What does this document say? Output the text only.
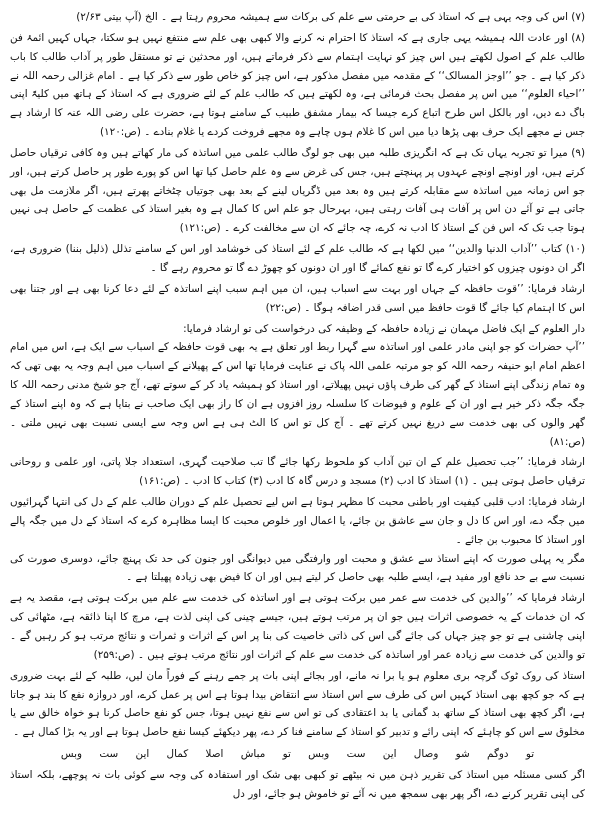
(۷) اس کی وجہ یہی ہے کہ استاذ کی بے حرمتی سے علم کی برکات سے ہمیشہ محروم رہتا ہے ۔ الخ (آپ بیتی ۲/۶۳)

(۸) اور عادت اللہ ہمیشہ یہی جاری ہے کہ استاذ کا احترام نہ کرنے والا کبھی بھی علم سے منتفع نہیں ہو سکتا، جہاں کہیں ائمۂ فن طالب علم کے اصول لکھتے ہیں اس چیز کو نہایت اہتمام سے ذکر فرماتے ہیں، اور محدثین نے تو مستقل طور پر آداب طالب کا باب ذکر کیا ہے ۔ جو ’’اوجز المسالک‘‘ کے مقدمہ میں مفصل مذکور ہے، اس چیز کو خاص طور سے ذکر کیا ہے ۔ امام غزالی رحمہ اللہ نے ’’احیاء العلوم‘‘ میں اس پر مفصل بحث فرمائی ہے، وہ لکھتے ہیں کہ طالب علم کے لئے ضروری ہے کہ استاذ کے ہاتھ میں کلیۃً اپنی باگ دے دیں، اور بالکل اس طرح اتباع کرے جیسا کہ بیمار مشفق طبیب کے سامنے ہوتا ہے، حضرت علی رضی اللہ عنہ کا ارشاد ہے جس نے مجھے ایک حرف بھی پڑھا دیا میں اس کا غلام ہوں چاہے وہ مجھے فروخت کردے یا غلام بنادے ۔ (ص:۱۲۰)

(۹) میرا تو تجربہ یہاں تک ہے کہ انگریزی طلبہ میں بھی جو لوگ طالب علمی میں اساتذہ کی مار کھاتے ہیں وہ کافی ترقیاں حاصل کرتے ہیں، اور اونچے اونچے عہدوں پر پہنچتے ہیں، جس کی غرض سے وہ علم حاصل کیا تھا اس کو پورے طور پر حاصل کرتے ہیں، اور جو اس زمانہ میں اساتذہ سے مقابلہ کرتے ہیں وہ بعد میں ڈگریاں لینے کے بعد بھی جوتیاں چٹخاتے پھرتے ہیں، اگر ملازمت مل بھی جاتی ہے تو آئے دن اس پر آفات ہی آفات رہتی ہیں، بہرحال جو علم اس کا کمال ہے وہ بغیر استاذ کی عظمت کے حاصل ہی نہیں ہوتا جب تک کہ اس فن کے استاذ کا ادب نہ کرے، چہ جائے کہ ان سے مخالفت کرے ۔ (ص:۱۲۱)

(۱۰) کتاب ’’آداب الدنیا والدین‘‘ میں لکھا ہے کہ طالب علم کے لئے استاذ کی خوشامد اور اس کے سامنے تذلل (ذلیل بننا) ضروری ہے، اگر ان دونوں چیزوں کو اختیار کرے گا تو نفع کمائے گا اور ان دونوں کو چھوڑ دے گا تو محروم رہے گا ۔

ارشاد فرمایا: ’’قوت حافظہ کے جہاں اور بہت سے اسباب ہیں، ان میں اہم سبب اپنے اساتذہ کے لئے دعا کرنا بھی ہے اور جتنا بھی اس کا اہتمام کیا جائے گا قوت حافظ میں اسی قدر اضافہ ہوگا ۔ (ص:۲۲)

دار العلوم کے ایک فاضل مہمان نے زیادہ حافظہ کے وظیفہ کی درخواست کی تو ارشاد فرمایا:

’’آپ حضرات کو جو اپنی مادر علمی اور اساتذہ سے گہرا ربط اور تعلق ہے یہ بھی قوت حافظہ کے اسباب سے ایک ہے، اس میں امام اعظم امام ابو حنیفہ رحمہ اللہ کو جو مرتبہ علمی اللہ پاک نے عنایت فرمایا تھا اس کے پھیلانے کے اسباب میں اہم وجہ یہ بھی تھی کہ وہ تمام زندگی اپنے استاذ کے گھر کی طرف پاؤں نہیں پھیلاتے، اور استاذ کو ہمیشہ یاد کر کے سوتے تھے، آج جو شیخ مدنی رحمہ اللہ کا جگہ جگہ ذکر خیر ہے اور ان کے علوم و فیوضات کا سلسلہ روز افزوں ہے ان کا راز بھی ایک صاحب نے بتایا ہے کہ وہ اپنے استاذ کے گھر والوں کی بھی خدمت سے دریغ نہیں کرتے تھے ۔ آج کل تو اس کا الٹ ہی ہے اس وجہ سے ایسی نسبت بھی نہیں ملتی ۔ (ص:۸۱)

ارشاد فرمایا: ’’جب تحصیل علم کے ان تین آداب کو ملحوظ رکھا جائے گا تب صلاحیت گہری، استعداد جلا پاتی، اور علمی و روحانی ترقیاں حاصل ہوتی ہیں ۔ (۱) استاذ کا ادب (۲) مسجد و درس گاہ کا ادب (۳) کتاب کا ادب ۔ (ص:۱۶۱)

ارشاد فرمایا: ادب قلبی کیفیت اور باطنی محبت کا مظہر ہوتا ہے اس لیے تحصیل علم کے دوران طالب علم کے دل کی انتہا گہرائیوں میں جگہ دے، اور اس کا دل و جان سے عاشق بن جائے، یا اعمال اور خلوص محبت کا ایسا مظاہرہ کرے کہ استاذ کے دل میں جگہ پالے اور استاذ کا محبوب بن جائے ۔

مگر یہ پہلی صورت کہ اپنے استاذ سے عشق و محبت اور وارفتگی میں دیوانگی اور جنون کی حد تک پہنچ جائے، دوسری صورت کی نسبت سے بے حد نافع اور مفید ہے، ایسے طلبہ بھی حاصل کر لیتے ہیں اور ان کا فیض بھی زیادہ پھیلتا ہے ۔

ارشاد فرمایا کہ ’’والدین کی خدمت سے عمر میں برکت ہوتی ہے اور اساتذہ کی خدمت سے علم میں برکت ہوتی ہے، مقصد یہ ہے کہ ان خدمات کے یہ خصوصی اثرات ہیں جو ان پر مرتب ہوتے ہیں، جیسے چینی کی اپنی لذت ہے، مرچ کا اپنا ذائقہ ہے، مٹھائی کی اپنی چاشنی ہے تو جو چیز جہاں کی جائے گی اس کی ذاتی خاصیت کی بنا پر اس کے اثرات و ثمرات و نتائج مرتب ہو کر رہیں گے ۔ تو والدین کی خدمت سے زیادہ عمر اور اساتذہ کی خدمت سے علم کے اثرات اور نتائج مرتب ہوتے ہیں ۔ (ص:۲۵۹)

استاذ کی روک ٹوک گرچہ بری معلوم ہو یا برا نہ مانے، اور بجائے اپنی بات پر جمے رہنے کے فوراً مان لیں، طلبہ کے لئے بہت ضروری ہے کہ جو کچھ بھی استاذ کہیں اس کی طرف سے اس استاذ سے انتقاض بیدا ہوتا ہے اس پر عمل کرے، اور دروازہ نفع کا بند ہو جاتا ہے، اگر کچھ بھی استاذ کے ساتھ بد گمانی یا بد اعتقادی کی تو اس سے نفع نہیں ہوتا، جس کو نفع حاصل کرنا ہو خواہ خالق سے یا مخلوق سے اس کو چاہئے کہ اپنی رائے و تدبیر کو استاذ کے سامنے فنا کر دے، پھر دیکھئے کیسا نفع حاصل ہوتا ہے اور یہ بڑا کمال ہے ۔

تو دوگم شو وصال این ست وبس تو مباش اصلا کمال این ست وبس

اگر کسی مسئلہ میں استاذ کی تقریر ذہن میں نہ بیٹھے تو کبھی بھی شک اور استفادہ کی وجہ سے کوئی بات نہ پوچھے، بلکہ استاذ کی اپنی تقریر کرنے دے، اگر پھر بھی سمجھ میں نہ آئے تو خاموش ہو جائے، اور دل
